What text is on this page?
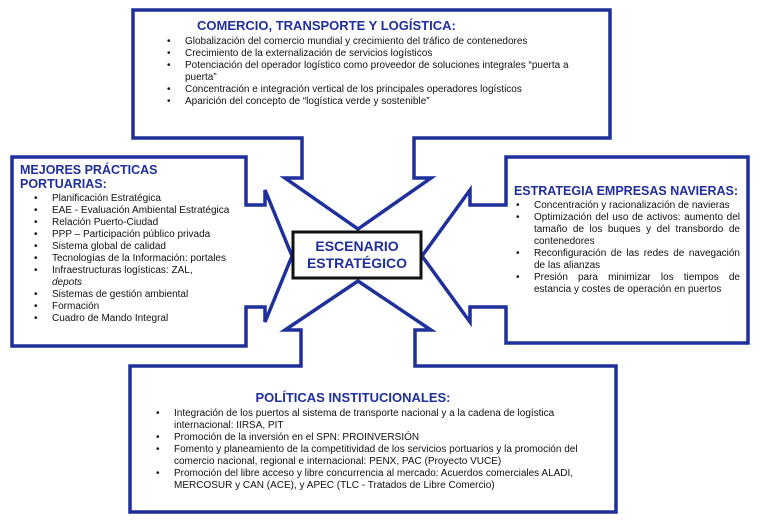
ESCENARIO
ESTRATÉGICO

COMERCIO, TRANSPORTE Y LOGÍSTICA:

• Globalización del comercio mundial y crecimiento del tráfico de contenedores
• Crecimiento de la externalización de servicios logísticos
• Potenciación del operador logístico como proveedor de soluciones integrales “puerta a puerta”
• Concentración e integración vertical de los principales operadores logísticos
• Aparición del concepto de “logística verde y sostenible”

MEJORES PRÁCTICAS PORTUARIAS:

• Planificación Estratégica
• EAE - Evaluación Ambiental Estratégica
• Relación Puerto-Ciudad
• PPP – Participación público privada
• Sistema global de calidad
• Tecnologías de la Información: portales
• Infraestructuras logísticas: ZAL,
depots
• Sistemas de gestión ambiental
• Formación
• Cuadro de Mando Integral

ESTRATEGIA EMPRESAS NAVIERAS:

• Concentración y racionalización de navieras
• Optimización del uso de activos: aumento del tamaño de los buques y del transbordo de contenedores
• Reconfiguración de las redes de navegación de las alianzas
• Presión para minimizar los tiempos de estancia y costes de operación en puertos

POLÍTICAS INSTITUCIONALES:

• Integración de los puertos al sistema de transporte nacional y a la cadena de logística internacional: IIRSA, PIT
• Promoción de la inversión en el SPN: PROINVERSIÓN
• Fomento y planeamiento de la competitividad de los servicios portuarios y la promoción del comercio nacional, regional e internacional: PENX, PAC (Proyecto VUCE)
• Promoción del libre acceso y libre concurrencia al mercado: Acuerdos comerciales ALADI, MERCOSUR y CAN (ACE), y APEC (TLC - Tratados de Libre Comercio)
